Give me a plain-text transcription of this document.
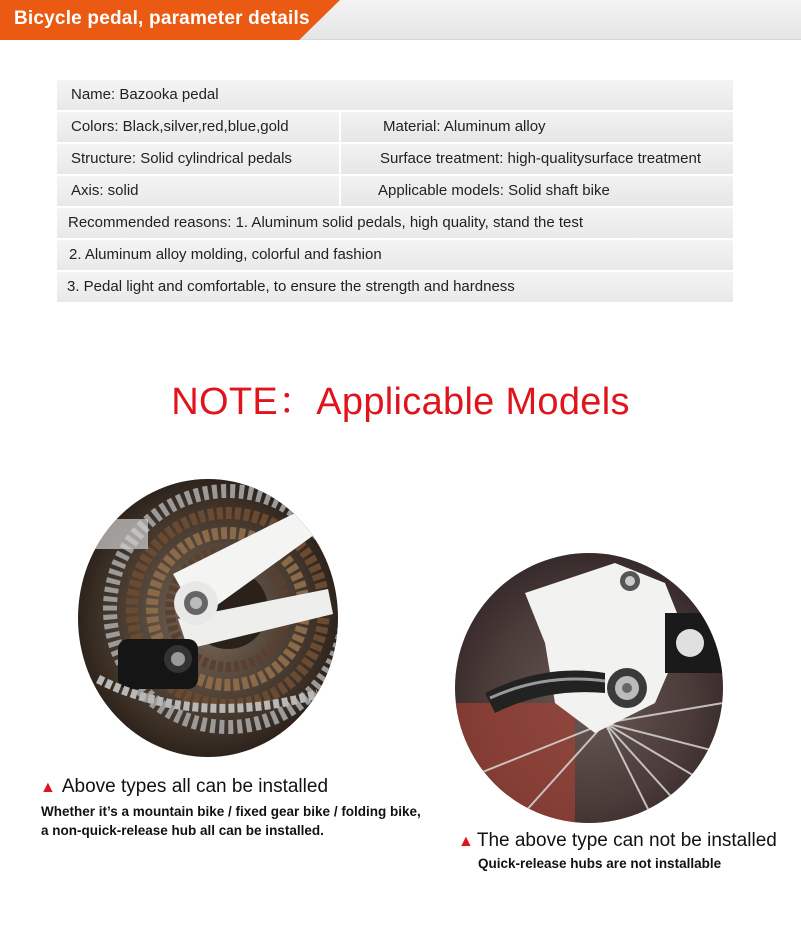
Bicycle pedal, parameter details
Name: Bazooka pedal
Colors: Black,silver,red,blue,gold	Material: Aluminum alloy
Structure: Solid cylindrical pedals	Surface treatment: high-qualitysurface treatment
Axis: solid	Applicable models: Solid shaft bike
Recommended reasons: 1. Aluminum solid pedals, high quality, stand the test
2. Aluminum alloy molding, colorful and fashion
3. Pedal light and comfortable, to ensure the strength and hardness
NOTE：Applicable Models
▲ Above types all can be installed
Whether it’s a mountain bike / fixed gear bike / folding bike,
a non-quick-release hub all can be installed.
▲ The above type can not be installed
Quick-release hubs are not installable
